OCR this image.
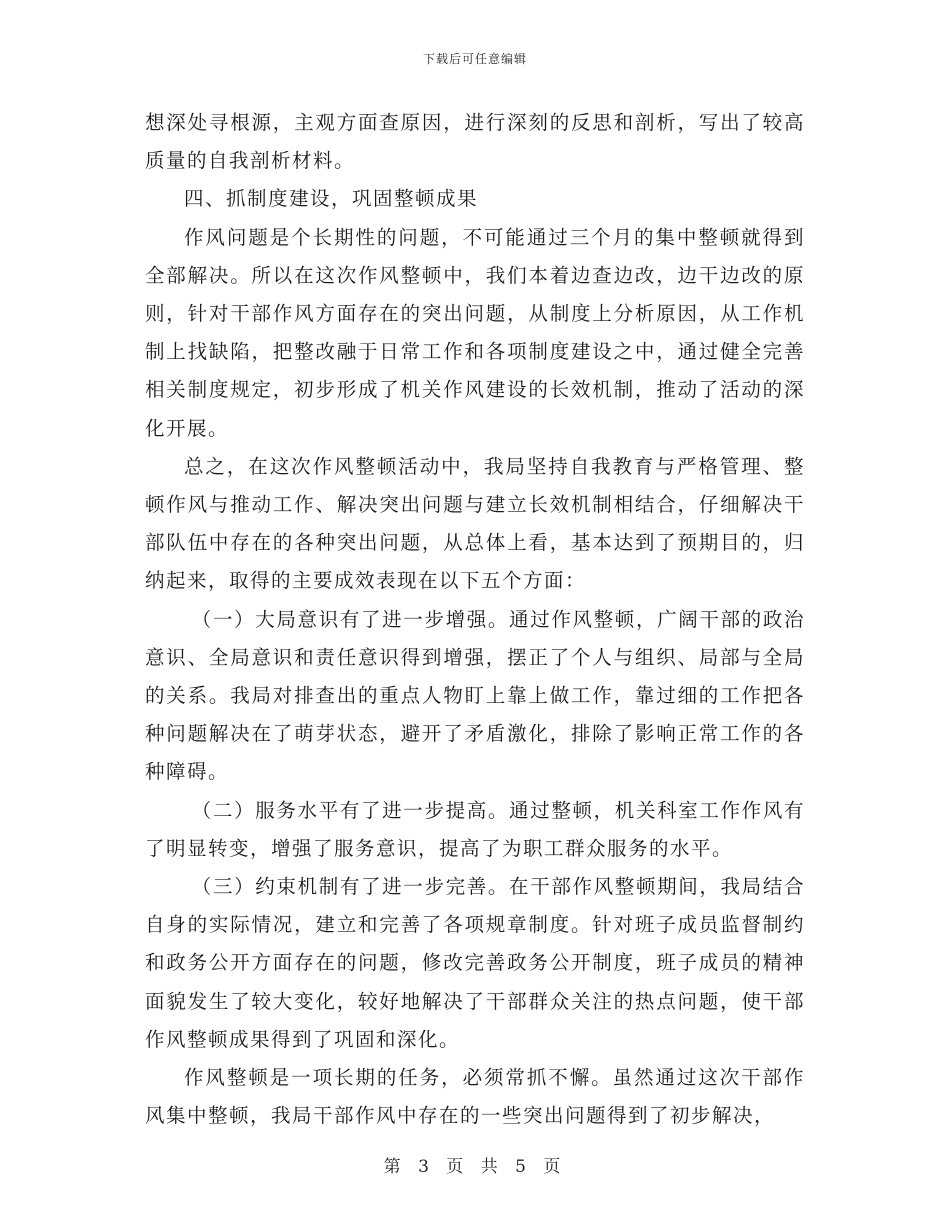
下载后可任意编辑

想深处寻根源，主观方面查原因，进行深刻的反思和剖析，写出了较高质量的自我剖析材料。

四、抓制度建设，巩固整顿成果

作风问题是个长期性的问题，不可能通过三个月的集中整顿就得到全部解决。所以在这次作风整顿中，我们本着边查边改，边干边改的原则，针对干部作风方面存在的突出问题，从制度上分析原因，从工作机制上找缺陷，把整改融于日常工作和各项制度建设之中，通过健全完善相关制度规定，初步形成了机关作风建设的长效机制，推动了活动的深化开展。

总之，在这次作风整顿活动中，我局坚持自我教育与严格管理、整顿作风与推动工作、解决突出问题与建立长效机制相结合，仔细解决干部队伍中存在的各种突出问题，从总体上看，基本达到了预期目的，归纳起来，取得的主要成效表现在以下五个方面：

（一）大局意识有了进一步增强。通过作风整顿，广阔干部的政治意识、全局意识和责任意识得到增强，摆正了个人与组织、局部与全局的关系。我局对排查出的重点人物盯上靠上做工作，靠过细的工作把各种问题解决在了萌芽状态，避开了矛盾激化，排除了影响正常工作的各种障碍。

（二）服务水平有了进一步提高。通过整顿，机关科室工作作风有了明显转变，增强了服务意识，提高了为职工群众服务的水平。

（三）约束机制有了进一步完善。在干部作风整顿期间，我局结合自身的实际情况，建立和完善了各项规章制度。针对班子成员监督制约和政务公开方面存在的问题，修改完善政务公开制度，班子成员的精神面貌发生了较大变化，较好地解决了干部群众关注的热点问题，使干部作风整顿成果得到了巩固和深化。

作风整顿是一项长期的任务，必须常抓不懈。虽然通过这次干部作风集中整顿，我局干部作风中存在的一些突出问题得到了初步解决，

第 3 页 共 5 页
